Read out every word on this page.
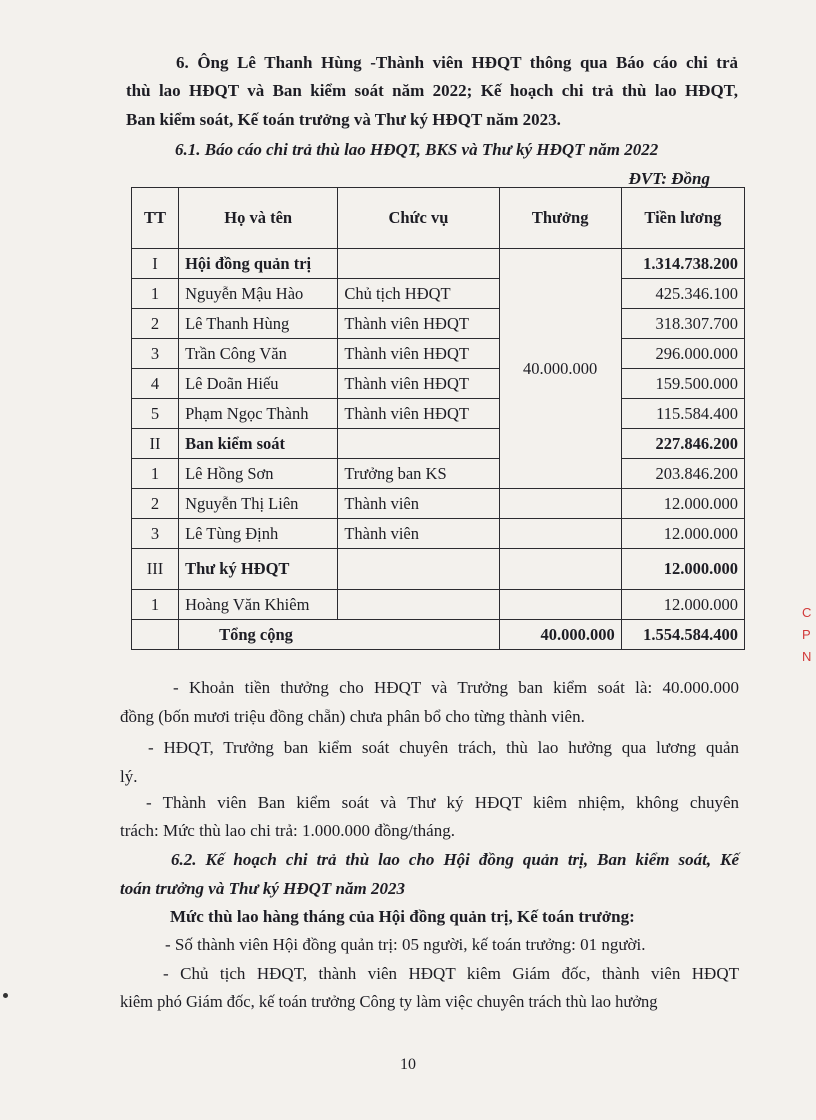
6. Ông Lê Thanh Hùng -Thành viên HĐQT thông qua Báo cáo chi trả
thù lao HĐQT và Ban kiểm soát năm 2022; Kế hoạch chi trả thù lao HĐQT,
Ban kiểm soát, Kế toán trưởng và Thư ký HĐQT năm 2023.
6.1. Báo cáo chi trả thù lao HĐQT, BKS và Thư ký HĐQT năm 2022
ĐVT: Đồng
TT	Họ và tên	Chức vụ	Thưởng	Tiền lương
I	Hội đồng quản trị		40.000.000	1.314.738.200
1	Nguyễn Mậu Hào	Chủ tịch HĐQT		425.346.100
2	Lê Thanh Hùng	Thành viên HĐQT		318.307.700
3	Trần Công Văn	Thành viên HĐQT		296.000.000
4	Lê Doãn Hiếu	Thành viên HĐQT		159.500.000
5	Phạm Ngọc Thành	Thành viên HĐQT		115.584.400
II	Ban kiểm soát			227.846.200
1	Lê Hồng Sơn	Trưởng ban KS		203.846.200
2	Nguyễn Thị Liên	Thành viên		12.000.000
3	Lê Tùng Định	Thành viên		12.000.000
III	Thư ký HĐQT			12.000.000
1	Hoàng Văn Khiêm			12.000.000
	Tổng cộng		40.000.000	1.554.584.400
- Khoản tiền thưởng cho HĐQT và Trưởng ban kiểm soát là: 40.000.000
đồng (bốn mươi triệu đồng chẵn) chưa phân bổ cho từng thành viên.
- HĐQT, Trưởng ban kiểm soát chuyên trách, thù lao hưởng qua lương quản
lý.
- Thành viên Ban kiểm soát và Thư ký HĐQT kiêm nhiệm, không chuyên
trách: Mức thù lao chi trả: 1.000.000 đồng/tháng.
6.2. Kế hoạch chi trả thù lao cho Hội đồng quản trị, Ban kiểm soát, Kế
toán trưởng và Thư ký HĐQT năm 2023
Mức thù lao hàng tháng của Hội đồng quản trị, Kế toán trưởng:
- Số thành viên Hội đồng quản trị: 05 người, kế toán trưởng: 01 người.
- Chủ tịch HĐQT, thành viên HĐQT kiêm Giám đốc, thành viên HĐQT
kiêm phó Giám đốc, kế toán trưởng Công ty làm việc chuyên trách thù lao hưởng
10
C
P
N
